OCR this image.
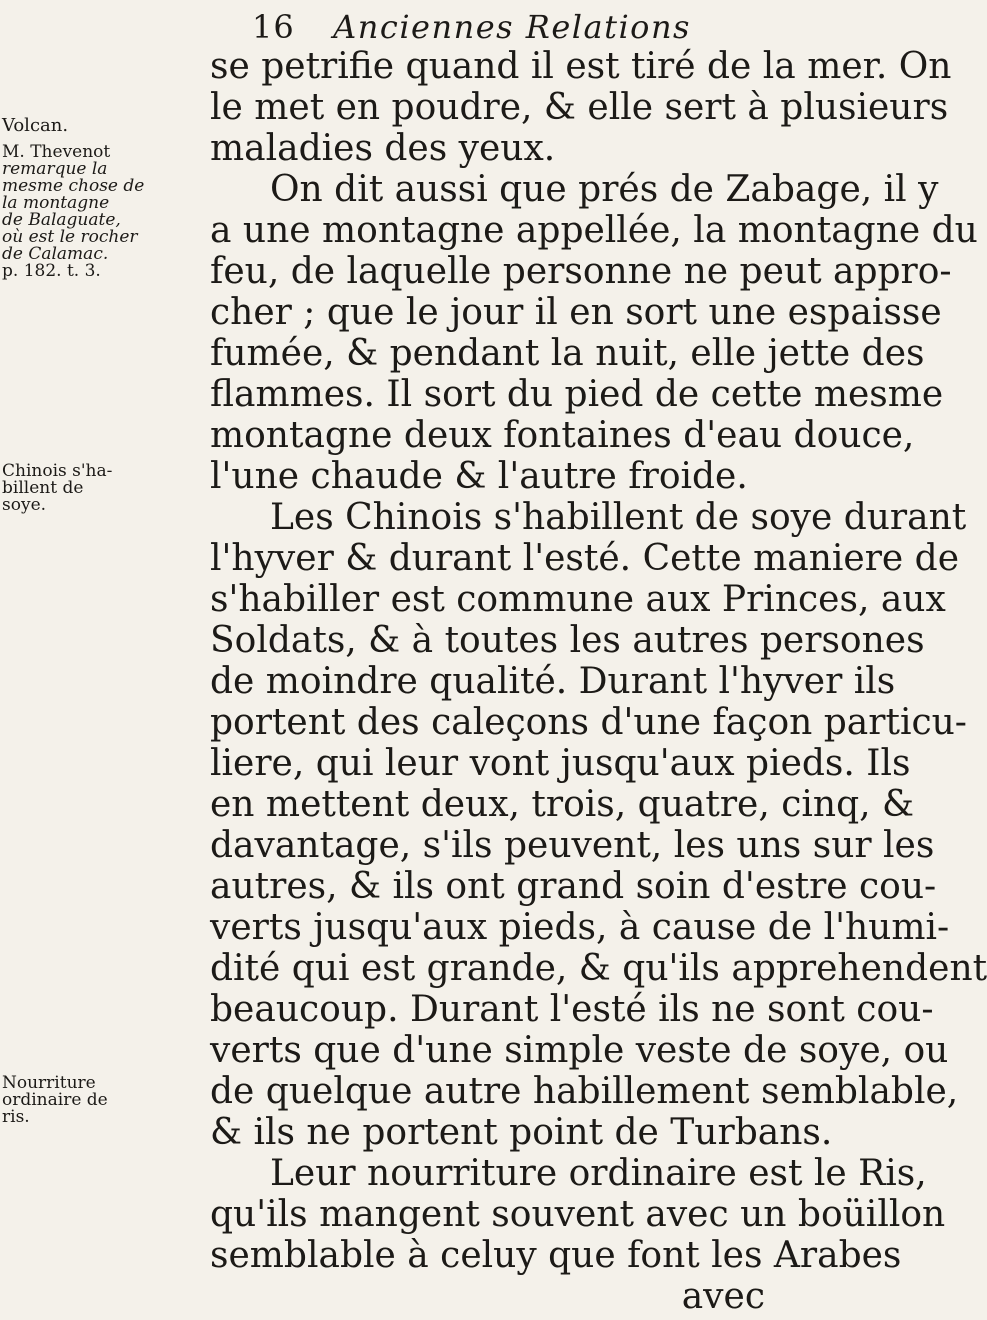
16 Anciennes Relations
Volcan.
M. Thevenot
remarque la
mesme chose de
la montagne
de Balaguate,
où est le rocher
de Calamac.
p. 182. t. 3.
Chinois s'ha-
billent de
soye.
Nourriture
ordinaire de
ris.
se petrifie quand il est tiré de la mer. On
le met en poudre, & elle sert à plusieurs
maladies des yeux.
On dit aussi que prés de Zabage, il y
a une montagne appellée, la montagne du
feu, de laquelle personne ne peut appro-
cher ; que le jour il en sort une espaisse
fumée, & pendant la nuit, elle jette des
flammes. Il sort du pied de cette mesme
montagne deux fontaines d'eau douce,
l'une chaude & l'autre froide.
Les Chinois s'habillent de soye durant
l'hyver & durant l'esté. Cette maniere de
s'habiller est commune aux Princes, aux
Soldats, & à toutes les autres persones
de moindre qualité. Durant l'hyver ils
portent des caleçons d'une façon particu-
liere, qui leur vont jusqu'aux pieds. Ils
en mettent deux, trois, quatre, cinq, &
davantage, s'ils peuvent, les uns sur les
autres, & ils ont grand soin d'estre cou-
verts jusqu'aux pieds, à cause de l'humi-
dité qui est grande, & qu'ils apprehendent
beaucoup. Durant l'esté ils ne sont cou-
verts que d'une simple veste de soye, ou
de quelque autre habillement semblable,
& ils ne portent point de Turbans.
Leur nourriture ordinaire est le Ris,
qu'ils mangent souvent avec un boüillon
semblable à celuy que font les Arabes
avec
